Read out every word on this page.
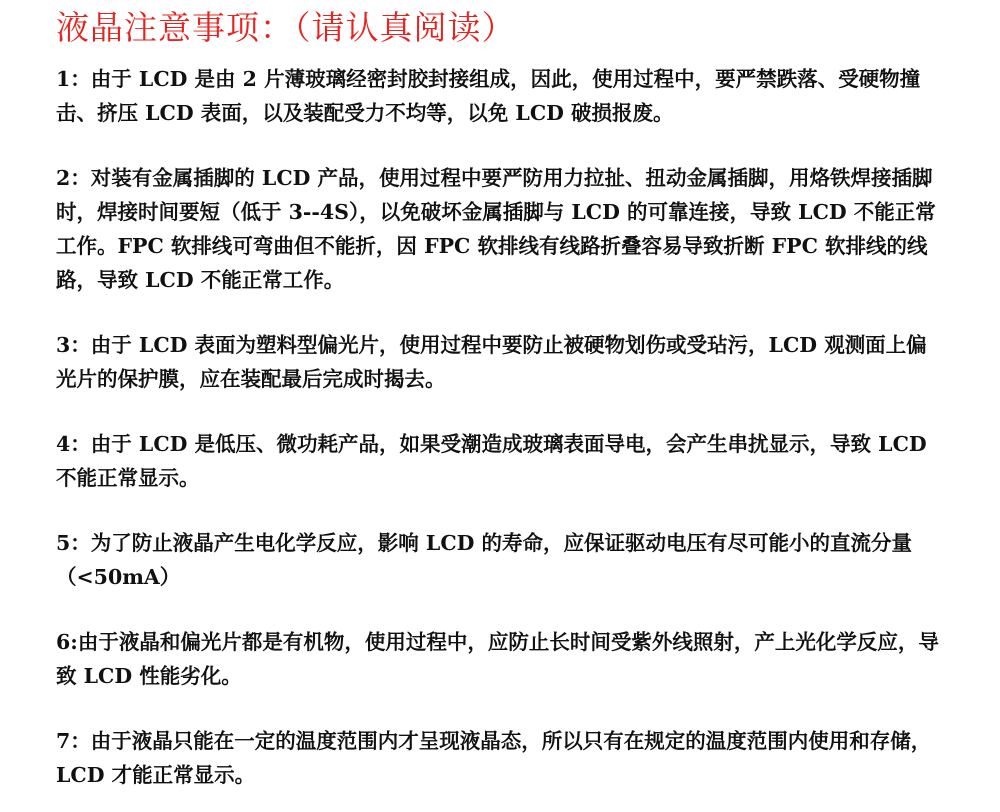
液晶注意事项：（请认真阅读）

1：由于 LCD 是由 2 片薄玻璃经密封胶封接组成，因此，使用过程中，要严禁跌落、受硬物撞击、挤压 LCD 表面，以及装配受力不均等，以免 LCD 破损报废。

2：对装有金属插脚的 LCD 产品，使用过程中要严防用力拉扯、扭动金属插脚，用烙铁焊接插脚时，焊接时间要短（低于 3--4S），以免破坏金属插脚与 LCD 的可靠连接，导致 LCD 不能正常工作。FPC 软排线可弯曲但不能折，因 FPC 软排线有线路折叠容易导致折断 FPC 软排线的线路，导致 LCD 不能正常工作。

3：由于 LCD 表面为塑料型偏光片，使用过程中要防止被硬物划伤或受玷污，LCD 观测面上偏光片的保护膜，应在装配最后完成时揭去。

4：由于 LCD 是低压、微功耗产品，如果受潮造成玻璃表面导电，会产生串扰显示，导致 LCD 不能正常显示。

5：为了防止液晶产生电化学反应，影响 LCD 的寿命，应保证驱动电压有尽可能小的直流分量（<50mA）

6:由于液晶和偏光片都是有机物，使用过程中，应防止长时间受紫外线照射，产上光化学反应，导致 LCD 性能劣化。

7：由于液晶只能在一定的温度范围内才呈现液晶态，所以只有在规定的温度范围内使用和存储，LCD 才能正常显示。
